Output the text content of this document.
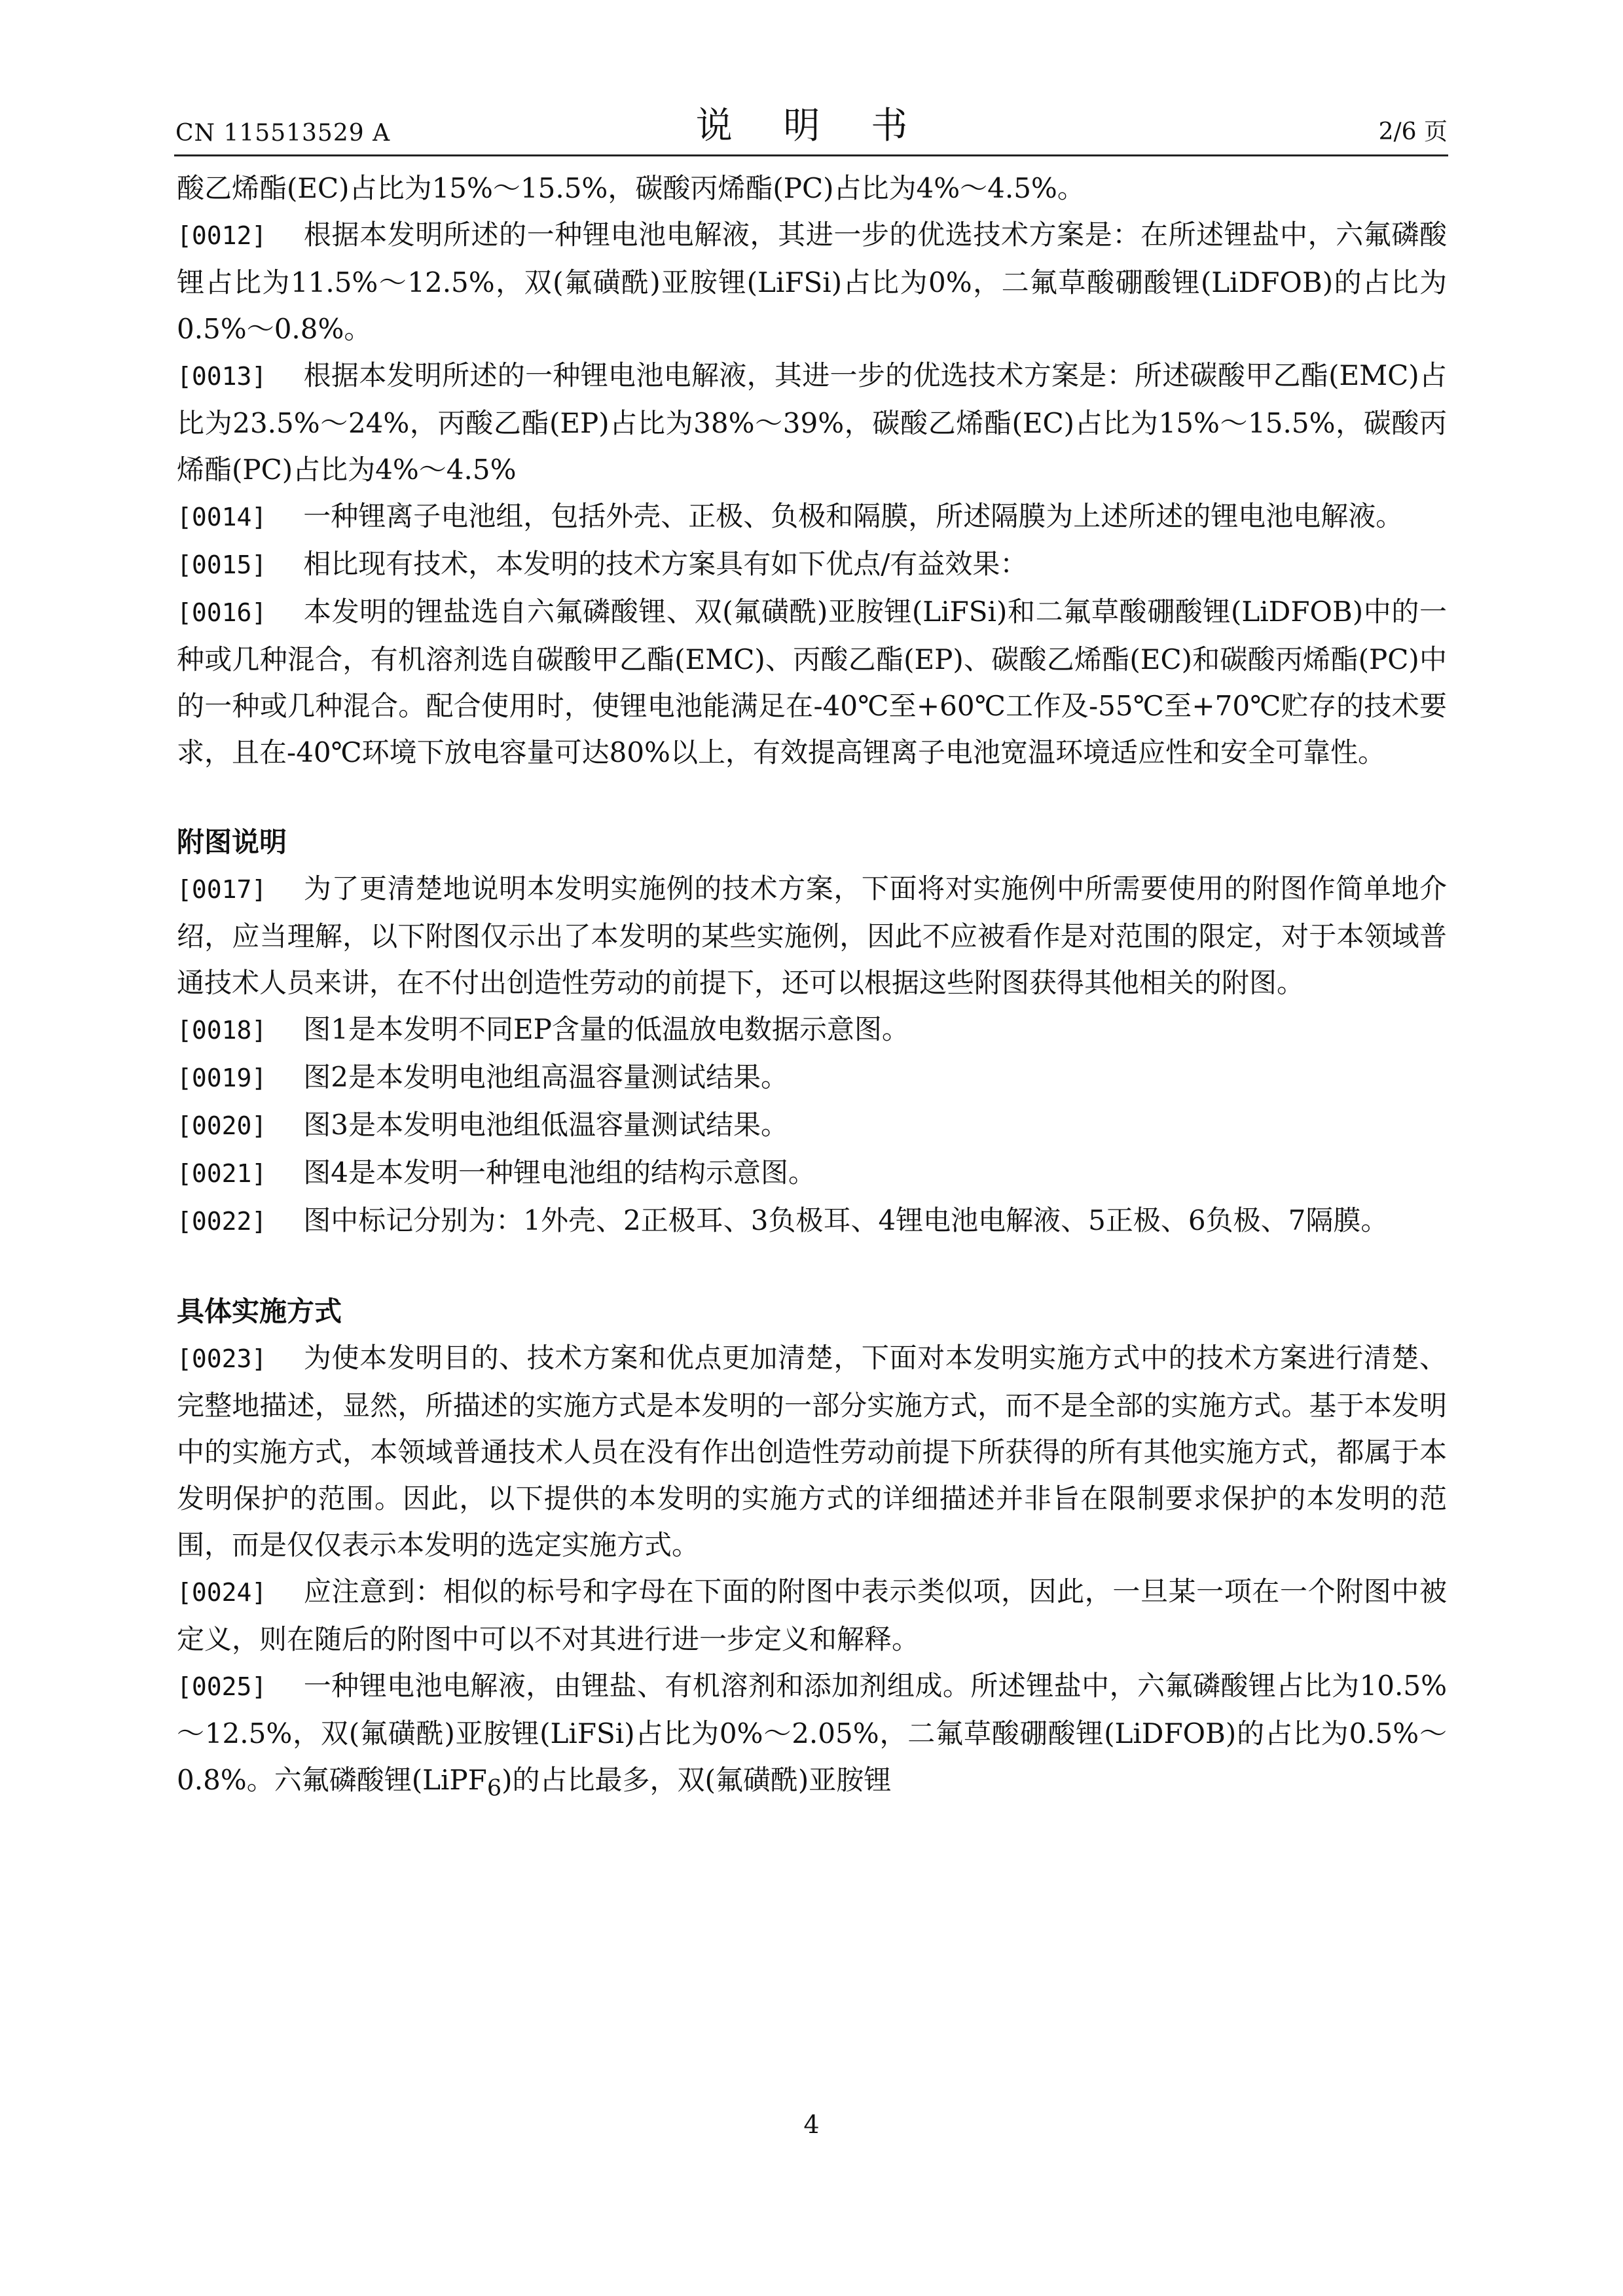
CN 115513529 A	说 明 书	2/6 页

酸乙烯酯(EC)占比为15%～15.5%，碳酸丙烯酯(PC)占比为4%～4.5%。

[0012] 根据本发明所述的一种锂电池电解液，其进一步的优选技术方案是：在所述锂盐中，六氟磷酸锂占比为11.5%～12.5%，双(氟磺酰)亚胺锂(LiFSi)占比为0%，二氟草酸硼酸锂(LiDFOB)的占比为0.5%～0.8%。

[0013] 根据本发明所述的一种锂电池电解液，其进一步的优选技术方案是：所述碳酸甲乙酯(EMC)占比为23.5%～24%，丙酸乙酯(EP)占比为38%～39%，碳酸乙烯酯(EC)占比为15%～15.5%，碳酸丙烯酯(PC)占比为4%～4.5%

[0014] 一种锂离子电池组，包括外壳、正极、负极和隔膜，所述隔膜为上述所述的锂电池电解液。

[0015] 相比现有技术，本发明的技术方案具有如下优点/有益效果：

[0016] 本发明的锂盐选自六氟磷酸锂、双(氟磺酰)亚胺锂(LiFSi)和二氟草酸硼酸锂(LiDFOB)中的一种或几种混合，有机溶剂选自碳酸甲乙酯(EMC)、丙酸乙酯(EP)、碳酸乙烯酯(EC)和碳酸丙烯酯(PC)中的一种或几种混合。配合使用时，使锂电池能满足在-40℃至+60℃工作及-55℃至+70℃贮存的技术要求，且在-40℃环境下放电容量可达80%以上，有效提高锂离子电池宽温环境适应性和安全可靠性。

附图说明

[0017] 为了更清楚地说明本发明实施例的技术方案，下面将对实施例中所需要使用的附图作简单地介绍，应当理解，以下附图仅示出了本发明的某些实施例，因此不应被看作是对范围的限定，对于本领域普通技术人员来讲，在不付出创造性劳动的前提下，还可以根据这些附图获得其他相关的附图。

[0018] 图1是本发明不同EP含量的低温放电数据示意图。

[0019] 图2是本发明电池组高温容量测试结果。

[0020] 图3是本发明电池组低温容量测试结果。

[0021] 图4是本发明一种锂电池组的结构示意图。

[0022] 图中标记分别为：1外壳、2正极耳、3负极耳、4锂电池电解液、5正极、6负极、7隔膜。

具体实施方式

[0023] 为使本发明目的、技术方案和优点更加清楚，下面对本发明实施方式中的技术方案进行清楚、完整地描述，显然，所描述的实施方式是本发明的一部分实施方式，而不是全部的实施方式。基于本发明中的实施方式，本领域普通技术人员在没有作出创造性劳动前提下所获得的所有其他实施方式，都属于本发明保护的范围。因此，以下提供的本发明的实施方式的详细描述并非旨在限制要求保护的本发明的范围，而是仅仅表示本发明的选定实施方式。

[0024] 应注意到：相似的标号和字母在下面的附图中表示类似项，因此，一旦某一项在一个附图中被定义，则在随后的附图中可以不对其进行进一步定义和解释。

[0025] 一种锂电池电解液，由锂盐、有机溶剂和添加剂组成。所述锂盐中，六氟磷酸锂占比为10.5%～12.5%，双(氟磺酰)亚胺锂(LiFSi)占比为0%～2.05%，二氟草酸硼酸锂(LiDFOB)的占比为0.5%～0.8%。六氟磷酸锂(LiPF$_6$)的占比最多，双(氟磺酰)亚胺锂

4
